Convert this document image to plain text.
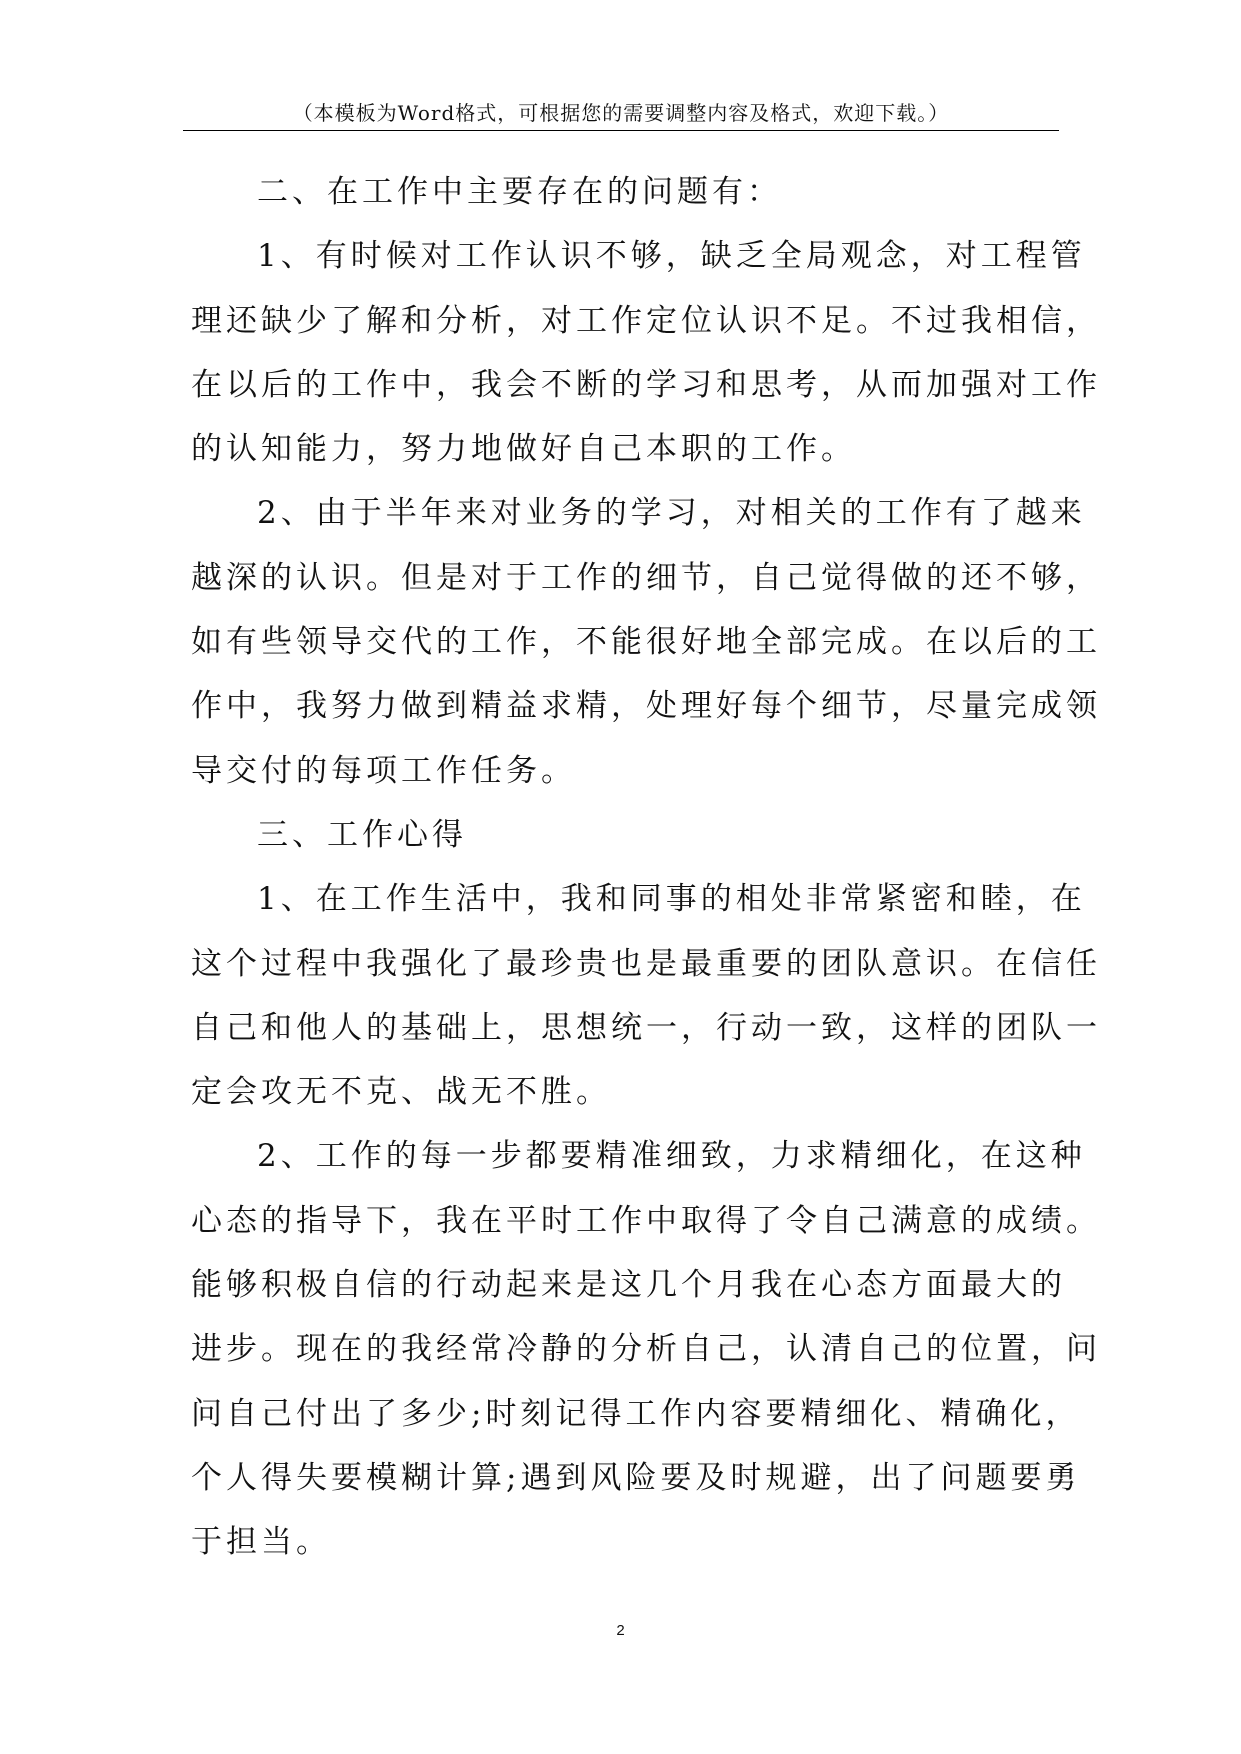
（本模板为Word格式，可根据您的需要调整内容及格式，欢迎下载。）
二、在工作中主要存在的问题有：
1、有时候对工作认识不够，缺乏全局观念，对工程管
理还缺少了解和分析，对工作定位认识不足。不过我相信，
在以后的工作中，我会不断的学习和思考，从而加强对工作
的认知能力，努力地做好自己本职的工作。
2、由于半年来对业务的学习，对相关的工作有了越来
越深的认识。但是对于工作的细节，自己觉得做的还不够，
如有些领导交代的工作，不能很好地全部完成。在以后的工
作中，我努力做到精益求精，处理好每个细节，尽量完成领
导交付的每项工作任务。
三、工作心得
1、在工作生活中，我和同事的相处非常紧密和睦，在
这个过程中我强化了最珍贵也是最重要的团队意识。在信任
自己和他人的基础上，思想统一，行动一致，这样的团队一
定会攻无不克、战无不胜。
2、工作的每一步都要精准细致，力求精细化，在这种
心态的指导下，我在平时工作中取得了令自己满意的成绩。
能够积极自信的行动起来是这几个月我在心态方面最大的
进步。现在的我经常冷静的分析自己，认清自己的位置，问
问自己付出了多少;时刻记得工作内容要精细化、精确化，
个人得失要模糊计算;遇到风险要及时规避，出了问题要勇
于担当。
2
